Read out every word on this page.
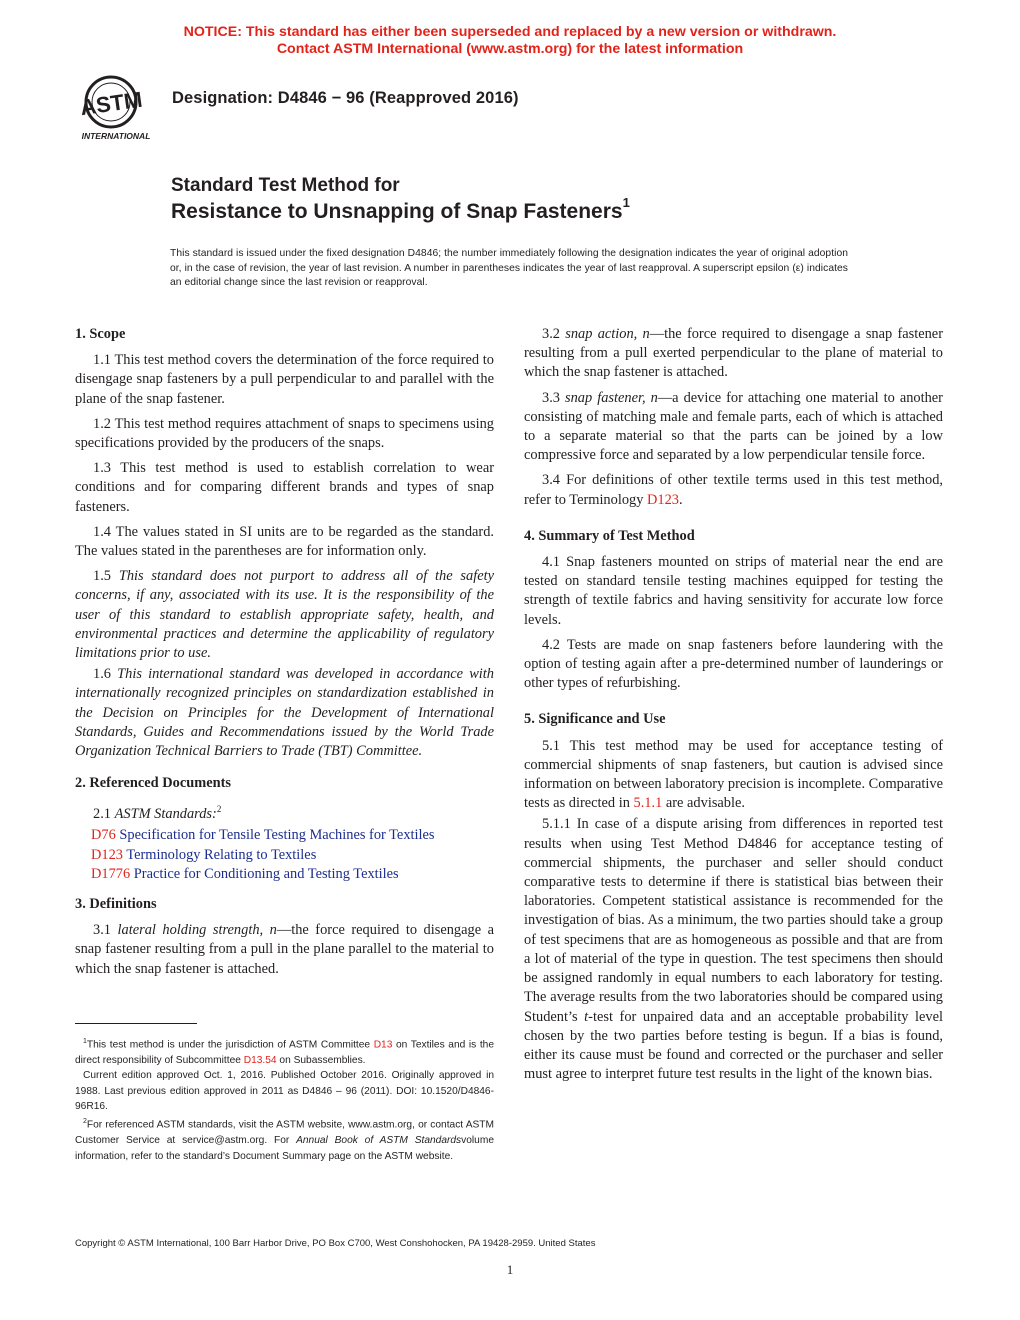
NOTICE: This standard has either been superseded and replaced by a new version or withdrawn.
Contact ASTM International (www.astm.org) for the latest information
ASTM
INTERNATIONAL
Designation: D4846 − 96 (Reapproved 2016)
Standard Test Method for
Resistance to Unsnapping of Snap Fasteners$^1$
This standard is issued under the fixed designation D4846; the number immediately following the designation indicates the year of original adoption or, in the case of revision, the year of last revision. A number in parentheses indicates the year of last reapproval. A superscript epsilon (ε) indicates an editorial change since the last revision or reapproval.
1. Scope
1.1 This test method covers the determination of the force required to disengage snap fasteners by a pull perpendicular to and parallel with the plane of the snap fastener.
1.2 This test method requires attachment of snaps to specimens using specifications provided by the producers of the snaps.
1.3 This test method is used to establish correlation to wear conditions and for comparing different brands and types of snap fasteners.
1.4 The values stated in SI units are to be regarded as the standard. The values stated in the parentheses are for information only.
1.5 This standard does not purport to address all of the safety concerns, if any, associated with its use. It is the responsibility of the user of this standard to establish appropriate safety, health, and environmental practices and determine the applicability of regulatory limitations prior to use.
1.6 This international standard was developed in accordance with internationally recognized principles on standardization established in the Decision on Principles for the Development of International Standards, Guides and Recommendations issued by the World Trade Organization Technical Barriers to Trade (TBT) Committee.
2. Referenced Documents
2.1 ASTM Standards:$^2$
D76 Specification for Tensile Testing Machines for Textiles
D123 Terminology Relating to Textiles
D1776 Practice for Conditioning and Testing Textiles
3. Definitions
3.1 lateral holding strength, n—the force required to disengage a snap fastener resulting from a pull in the plane parallel to the material to which the snap fastener is attached.
3.2 snap action, n—the force required to disengage a snap fastener resulting from a pull exerted perpendicular to the plane of material to which the snap fastener is attached.
3.3 snap fastener, n—a device for attaching one material to another consisting of matching male and female parts, each of which is attached to a separate material so that the parts can be joined by a low compressive force and separated by a low perpendicular tensile force.
3.4 For definitions of other textile terms used in this test method, refer to Terminology D123.
4. Summary of Test Method
4.1 Snap fasteners mounted on strips of material near the end are tested on standard tensile testing machines equipped for testing the strength of textile fabrics and having sensitivity for accurate low force levels.
4.2 Tests are made on snap fasteners before laundering with the option of testing again after a pre-determined number of launderings or other types of refurbishing.
5. Significance and Use
5.1 This test method may be used for acceptance testing of commercial shipments of snap fasteners, but caution is advised since information on between laboratory precision is incomplete. Comparative tests as directed in 5.1.1 are advisable.
5.1.1 In case of a dispute arising from differences in reported test results when using Test Method D4846 for acceptance testing of commercial shipments, the purchaser and seller should conduct comparative tests to determine if there is statistical bias between their laboratories. Competent statistical assistance is recommended for the investigation of bias. As a minimum, the two parties should take a group of test specimens that are as homogeneous as possible and that are from a lot of material of the type in question. The test specimens then should be assigned randomly in equal numbers to each laboratory for testing. The average results from the two laboratories should be compared using Student’s t-test for unpaired data and an acceptable probability level chosen by the two parties before testing is begun. If a bias is found, either its cause must be found and corrected or the purchaser and seller must agree to interpret future test results in the light of the known bias.
$^1$This test method is under the jurisdiction of ASTM Committee D13 on Textiles and is the direct responsibility of Subcommittee D13.54 on Subassemblies.
Current edition approved Oct. 1, 2016. Published October 2016. Originally approved in 1988. Last previous edition approved in 2011 as D4846 – 96 (2011). DOI: 10.1520/D4846-96R16.
$^2$For referenced ASTM standards, visit the ASTM website, www.astm.org, or contact ASTM Customer Service at service@astm.org. For Annual Book of ASTM Standardsvolume information, refer to the standard’s Document Summary page on the ASTM website.
Copyright © ASTM International, 100 Barr Harbor Drive, PO Box C700, West Conshohocken, PA 19428-2959. United States
1
